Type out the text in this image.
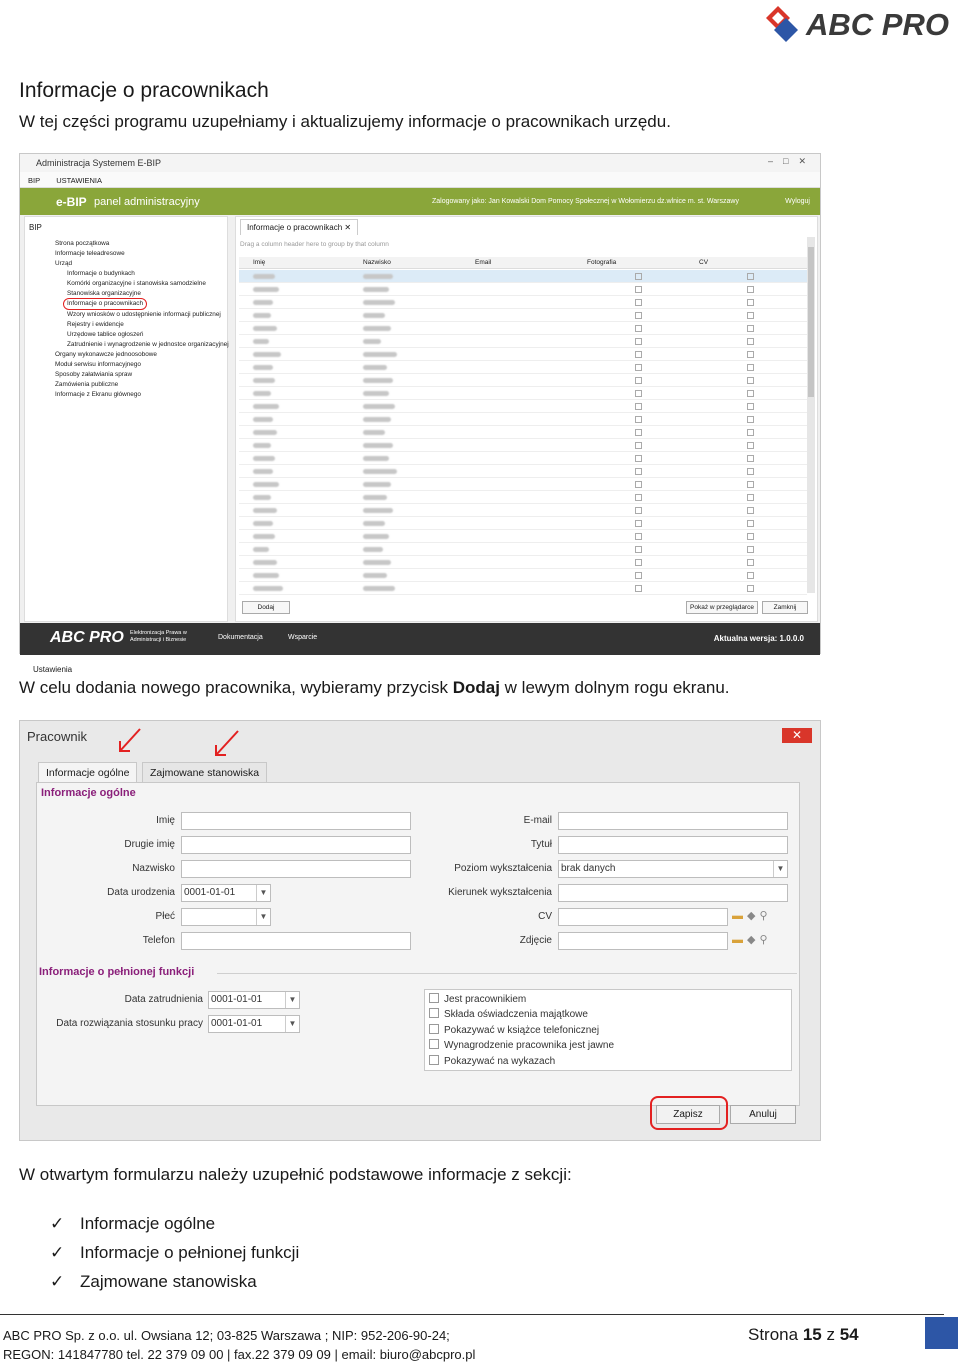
ABC PRO
Informacje o pracownikach
W tej części programu uzupełniamy i aktualizujemy informacje o pracownikach urzędu.
Administracja Systemem E-BIP	–□✕
BIP USTAWIENIA
e-BIP panel administracyjny	Zalogowany jako: Jan Kowalski Dom Pomocy Społecznej w Wołomierzu dz.wlnice m. st. Warszawy	Wyloguj
BIP
Strona początkowa
Informacje teleadresowe
Urząd
Informacje o budynkach
Komórki organizacyjne i stanowiska samodzielne
Stanowiska organizacyjne
Informacje o pracownikach
Wzory wniosków o udostępnienie informacji publicznej
Rejestry i ewidencje
Urzędowe tablice ogłoszeń
Zatrudnienie i wynagrodzenie w jednostce organizacyjnej
Organy wykonawcze jednoosobowe
Moduł serwisu informacyjnego
Sposoby załatwiania spraw
Zamówienia publiczne
Informacje z Ekranu głównego
Ustawienia
Informacje o pracownikach ✕
Drag a column header here to group by that column
Imię	Nazwisko	Email	Fotografia	CV
Dodaj	Pokaż w przeglądarce	Zamknij
ABC PRO Elektronizacja Prawa w Administracji i Biznesie	Dokumentacja	Wsparcie	Aktualna wersja: 1.0.0.0
W celu dodania nowego pracownika, wybieramy przycisk Dodaj w lewym dolnym rogu ekranu.
Pracownik	✕
Informacje ogólne	Zajmowane stanowiska
Informacje ogólne
Imię
Drugie imię
Nazwisko
Data urodzenia 0001-01-01	▼
Płeć	▼
Telefon
E-mail
Tytuł
Poziom wykształcenia brak danych	▼
Kierunek wykształcenia
CV	▬◆⚲
Zdjęcie	▬◆⚲
Informacje o pełnionej funkcji
Data zatrudnienia 0001-01-01	▼
Data rozwiązania stosunku pracy 0001-01-01	▼
Jest pracownikiem
Składa oświadczenia majątkowe
Pokazywać w książce telefonicznej
Wynagrodzenie pracownika jest jawne
Pokazywać na wykazach
Zapisz	Anuluj
W otwartym formularzu należy uzupełnić podstawowe informacje z sekcji:
✓ Informacje ogólne
✓ Informacje o pełnionej funkcji
✓ Zajmowane stanowiska
ABC PRO Sp. z o.o. ul. Owsiana 12; 03-825 Warszawa ; NIP: 952-206-90-24;
REGON: 141847780 tel. 22 379 09 00 | fax.22 379 09 09 | email: biuro@abcpro.pl
Strona 15 z 54
